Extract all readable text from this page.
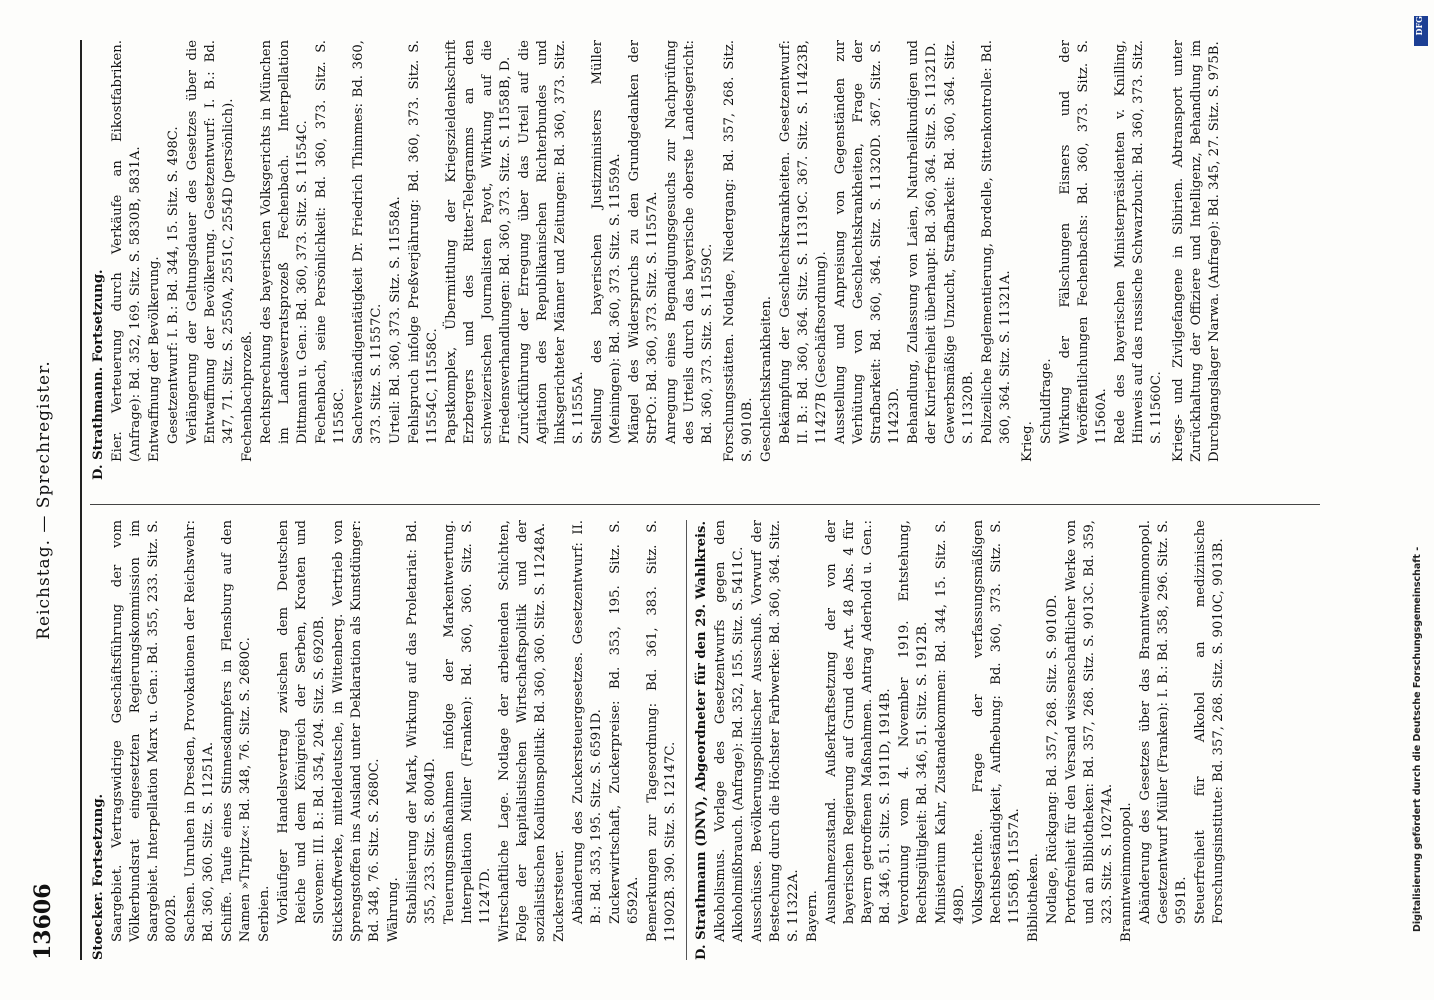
13606
Reichstag. — Sprechregister.

Stoecker. Fortsetzung. Saargebiet. Vertragswidrige Geschäftsführung der vom Völkerbundsrat eingesetzten Regierungskommission im Saargebiet. Interpellation Marx u. Gen.: Bd. 355, 233. Sitz. S. 8002B. Sachsen. Unruhen in Dresden, Provokationen der Reichswehr: Bd. 360, 360. Sitz. S. 11251A. Schiffe. Taufe eines Stinnesdampfers in Flensburg auf den Namen »Tirpitz«: Bd. 348, 76. Sitz. S. 2680C. Serbien. Vorläufiger Handelsvertrag zwischen dem Deutschen Reiche und dem Königreich der Serben, Kroaten und Slovenen: III. B.: Bd. 354, 204. Sitz. S. 6920B. Stickstoffwerke, mitteldeutsche, in Wittenberg. Vertrieb von Sprengstoffen ins Ausland unter Deklaration als Kunstdünger: Bd. 348, 76. Sitz. S. 2680C. Währung. Stabilisierung der Mark, Wirkung auf das Proletariat: Bd. 355, 233. Sitz. S. 8004D. Teuerungsmaßnahmen infolge der Markentwertung. Interpellation Müller (Franken): Bd. 360, 360. Sitz. S. 11247D. Wirtschaftliche Lage. Notlage der arbeitenden Schichten, Folge der kapitalistischen Wirtschaftspolitik und der sozialistischen Koalitionspolitik: Bd. 360, 360. Sitz. S. 11248A. Zuckersteuer. Abänderung des Zuckersteuergesetzes. Gesetzentwurf: II. B.: Bd. 353, 195. Sitz. S. 6591D. Zuckerwirtschaft, Zuckerpreise: Bd. 353, 195. Sitz. S. 6592A. Bemerkungen zur Tagesordnung: Bd. 361, 383. Sitz. S. 11902B. 390. Sitz. S. 12147C. D. Strathmann (DNV), Abgeordneter für den 29. Wahlkreis. Alkoholismus. Vorlage des Gesetzentwurfs gegen den Alkoholmißbrauch. (Anfrage): Bd. 352, 155. Sitz. S. 5411C. Ausschüsse. Bevölkerungspolitischer Ausschuß. Vorwurf der Bestechung durch die Höchster Farbwerke: Bd. 360, 364. Sitz. S. 11322A. Bayern. Ausnahmezustand. Außerkraftsetzung der von der bayerischen Regierung auf Grund des Art. 48 Abs. 4 für Bayern getroffenen Maßnahmen. Antrag Aderhold u. Gen.: Bd. 346, 51. Sitz. S. 1911D, 1914B. Verordnung vom 4. November 1919. Entstehung, Rechtsgültigkeit: Bd. 346, 51. Sitz. S. 1912B. Ministerium Kahr, Zustandekommen: Bd. 344, 15. Sitz. S. 498D. Volksgerichte. Frage der verfassungsmäßigen Rechtsbeständigkeit, Aufhebung: Bd. 360, 373. Sitz. S. 11556B, 11557A. Bibliotheken. Notlage, Rückgang: Bd. 357, 268. Sitz. S. 9010D. Portofreiheit für den Versand wissenschaftlicher Werke von und an Bibliotheken: Bd. 357, 268. Sitz. S. 9013C. Bd. 359, 323. Sitz. S. 10274A. Branntweinmonopol. Abänderung des Gesetzes über das Branntweinmonopol. Gesetzentwurf Müller (Franken): I. B.: Bd. 358, 296. Sitz. S. 9591B. Steuerfreiheit für Alkohol an medizinische Forschungsinstitute: Bd. 357, 268. Sitz. S. 9010C, 9013B.

D. Strathmann. Fortsetzung. Eier. Verteuerung durch Verkäufe an Eikostfabriken. (Anfrage): Bd. 352, 169. Sitz. S. 5830B, 5831A. Entwaffnung der Bevölkerung. Gesetzentwurf: I. B.: Bd. 344, 15. Sitz. S. 498C. Verlängerung der Geltungsdauer des Gesetzes über die Entwaffnung der Bevölkerung. Gesetzentwurf: I. B.: Bd. 347, 71. Sitz. S. 2550A, 2551C, 2554D (persönlich). Fechenbachprozeß. Rechtsprechung des bayerischen Volksgerichts in München im Landesverratsprozeß Fechenbach. Interpellation Dittmann u. Gen.: Bd. 360, 373. Sitz. S. 11554C. Fechenbach, seine Persönlichkeit: Bd. 360, 373. Sitz. S. 11558C. Sachverständigentätigkeit Dr. Friedrich Thimmes: Bd. 360, 373. Sitz. S. 11557C. Urteil: Bd. 360, 373. Sitz. S. 11558A. Fehlspruch infolge Preßverjährung: Bd. 360, 373. Sitz. S. 11554C, 11558C. Papstkomplex, Übermittlung der Kriegszieldenkschrift Erzbergers und des Ritter-Telegramms an den schweizerischen Journalisten Payot, Wirkung auf die Friedensverhandlungen: Bd. 360, 373. Sitz. S. 11558B, D. Zurückführung der Erregung über das Urteil auf die Agitation des Republikanischen Richterbundes und linksgerichteter Männer und Zeitungen: Bd. 360, 373. Sitz. S. 11555A. Stellung des bayerischen Justizministers Müller (Meiningen): Bd. 360, 373. Sitz. S. 11559A. Mängel des Widerspruchs zu den Grundgedanken der StrPO.: Bd. 360, 373. Sitz. S. 11557A. Anregung eines Begnadigungsgesuchs zur Nachprüfung des Urteils durch das bayerische oberste Landesgericht: Bd. 360, 373. Sitz. S. 11559C. Forschungsstätten. Notlage, Niedergang: Bd. 357, 268. Sitz. S. 9010B. Geschlechtskrankheiten. Bekämpfung der Geschlechtskrankheiten. Gesetzentwurf: II. B.: Bd. 360, 364. Sitz. S. 11319C. 367. Sitz. S. 11423B, 11427B (Geschäftsordnung). Ausstellung und Anpreisung von Gegenständen zur Verhütung von Geschlechtskrankheiten, Frage der Strafbarkeit: Bd. 360, 364. Sitz. S. 11320D. 367. Sitz. S. 11423D. Behandlung, Zulassung von Laien, Naturheilkundigen und der Kurierfreiheit überhaupt: Bd. 360, 364. Sitz. S. 11321D. Gewerbsmäßige Unzucht, Strafbarkeit: Bd. 360, 364. Sitz. S. 11320B. Polizeiliche Reglementierung, Bordelle, Sittenkontrolle: Bd. 360, 364. Sitz. S. 11321A. Krieg. Schuldfrage. Wirkung der Fälschungen Eisners und der Veröffentlichungen Fechenbachs: Bd. 360, 373. Sitz. S. 11560A. Rede des bayerischen Ministerpräsidenten v. Knilling, Hinweis auf das russische Schwarzbuch: Bd. 360, 373. Sitz. S. 11560C. Kriegs- und Zivilgefangene in Sibirien. Abtransport unter Zurückhaltung der Offiziere und Intelligenz, Behandlung im Durchgangslager Narwa. (Anfrage): Bd. 345, 27. Sitz. S. 975B.

DFG
Digitalisierung gefördert durch die Deutsche Forschungsgemeinschaft -
